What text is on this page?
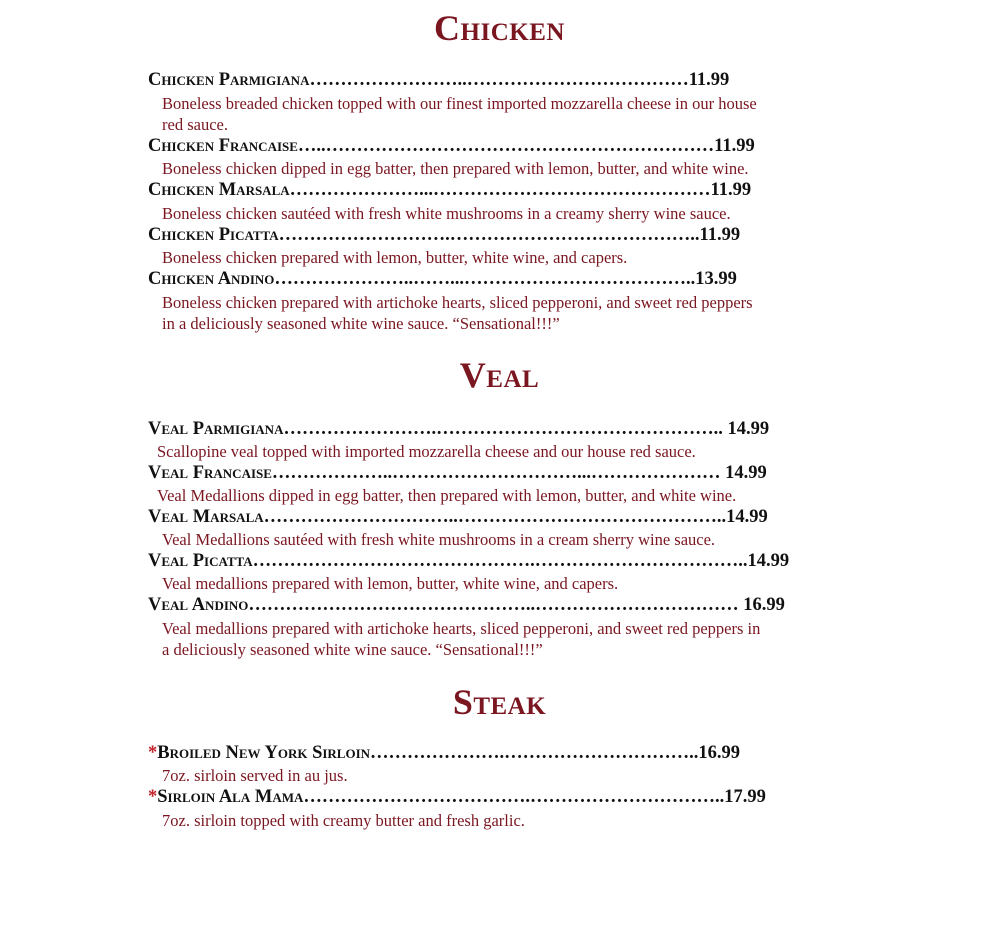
Chicken

Chicken Parmigiana……………………..………………………………11.99

Boneless breaded chicken topped with our finest imported mozzarella cheese in our house

red sauce.

Chicken Francaise…..………………………………………………………11.99

Boneless chicken dipped in egg batter, then prepared with lemon, butter, and white wine.

Chicken Marsala…………………...………………………………………11.99

Boneless chicken sautéed with fresh white mushrooms in a creamy sherry wine sauce.

Chicken Picatta……………………….…………………………………..11.99

Boneless chicken prepared with lemon, butter, white wine, and capers.

Chicken Andino…………………..……...………………………………..13.99

Boneless chicken prepared with artichoke hearts, sliced pepperoni, and sweet red peppers

in a deliciously seasoned white wine sauce. “Sensational!!!”

Veal

Veal Parmigiana…………………….……………………………………….. 14.99

Scallopine veal topped with imported mozzarella cheese and our house red sauce.

Veal Francaise………………..…………………………...………………… 14.99

Veal Medallions dipped in egg batter, then prepared with lemon, butter, and white wine.

Veal Marsala…………………………..……………………………………..14.99

Veal Medallions sautéed with fresh white mushrooms in a cream sherry wine sauce.

Veal Picatta……………………………………….……………………………..14.99

Veal medallions prepared with lemon, butter, white wine, and capers.

Veal Andino………………………………………..…………………………… 16.99

Veal medallions prepared with artichoke hearts, sliced pepperoni, and sweet red peppers in

a deliciously seasoned white wine sauce. “Sensational!!!”

Steak

*Broiled New York Sirloin………………….…………………………..16.99

7oz. sirloin served in au jus.

*Sirloin Ala Mama……………………………….…………………………..17.99

7oz. sirloin topped with creamy butter and fresh garlic.
